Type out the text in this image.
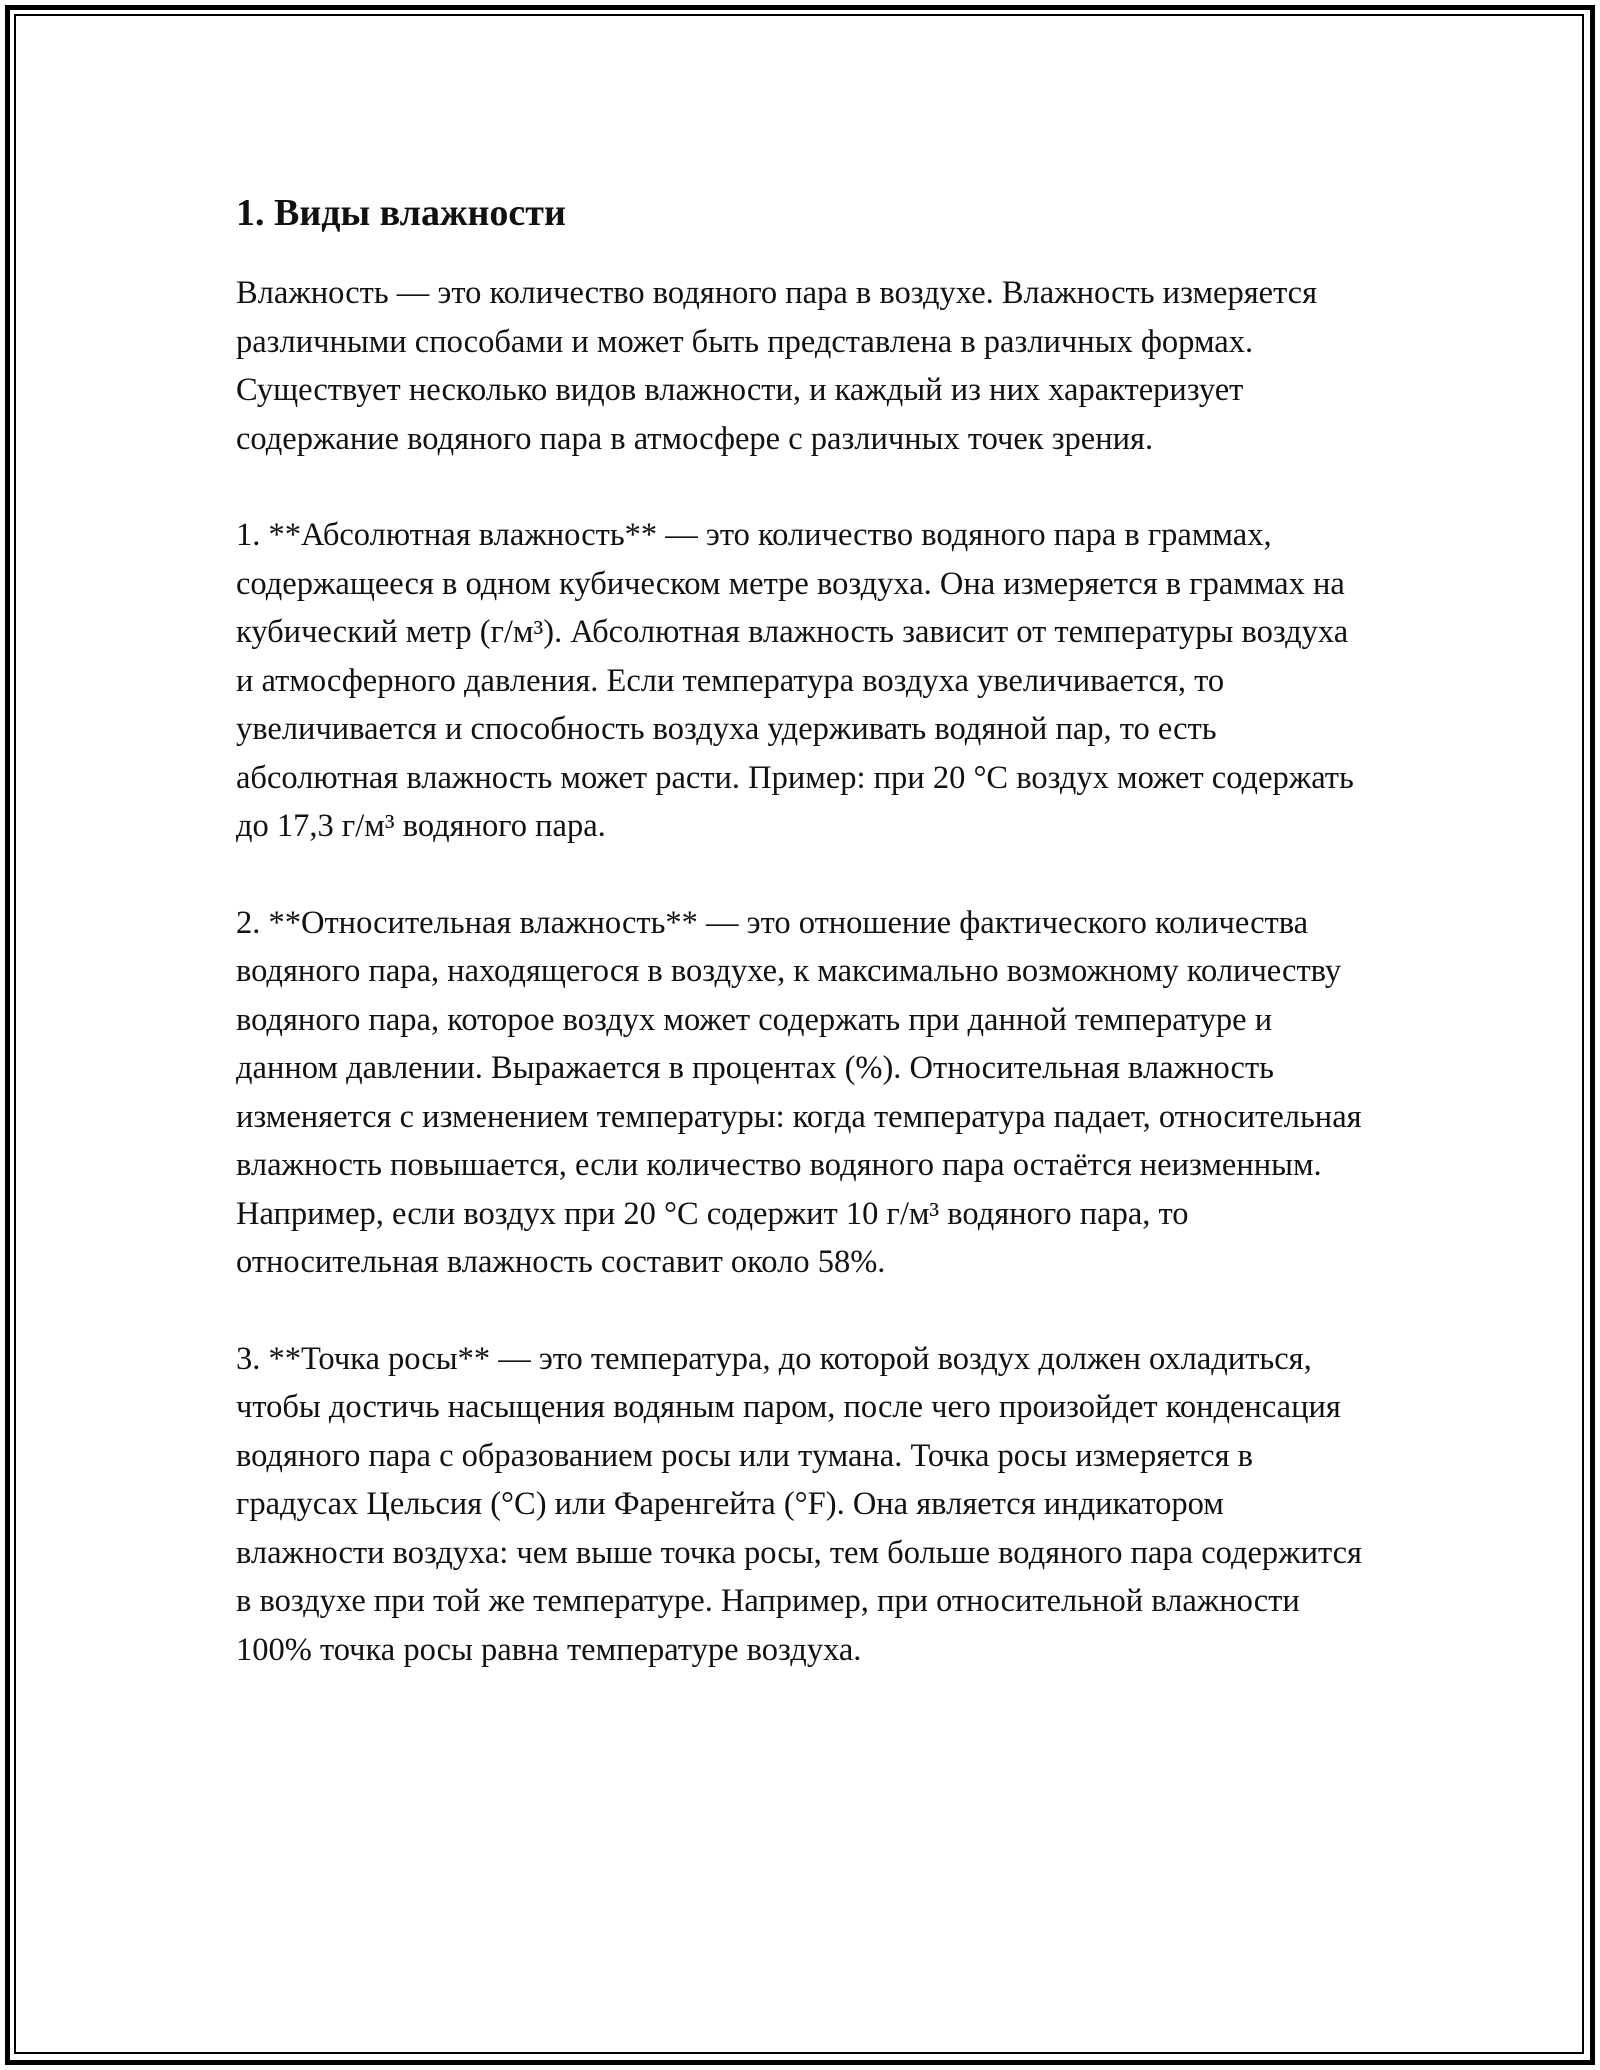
1. Виды влажности

Влажность — это количество водяного пара в воздухе. Влажность измеряется различными способами и может быть представлена в различных формах. Существует несколько видов влажности, и каждый из них характеризует содержание водяного пара в атмосфере с различных точек зрения.

1. **Абсолютная влажность** — это количество водяного пара в граммах, содержащееся в одном кубическом метре воздуха. Она измеряется в граммах на кубический метр (г/м³). Абсолютная влажность зависит от температуры воздуха и атмосферного давления. Если температура воздуха увеличивается, то увеличивается и способность воздуха удерживать водяной пар, то есть абсолютная влажность может расти. Пример: при 20 °C воздух может содержать до 17,3 г/м³ водяного пара.

2. **Относительная влажность** — это отношение фактического количества водяного пара, находящегося в воздухе, к максимально возможному количеству водяного пара, которое воздух может содержать при данной температуре и данном давлении. Выражается в процентах (%). Относительная влажность изменяется с изменением температуры: когда температура падает, относительная влажность повышается, если количество водяного пара остаётся неизменным. Например, если воздух при 20 °C содержит 10 г/м³ водяного пара, то относительная влажность составит около 58%.

3. **Точка росы** — это температура, до которой воздух должен охладиться, чтобы достичь насыщения водяным паром, после чего произойдет конденсация водяного пара с образованием росы или тумана. Точка росы измеряется в градусах Цельсия (°C) или Фаренгейта (°F). Она является индикатором влажности воздуха: чем выше точка росы, тем больше водяного пара содержится в воздухе при той же температуре. Например, при относительной влажности 100% точка росы равна температуре воздуха.
